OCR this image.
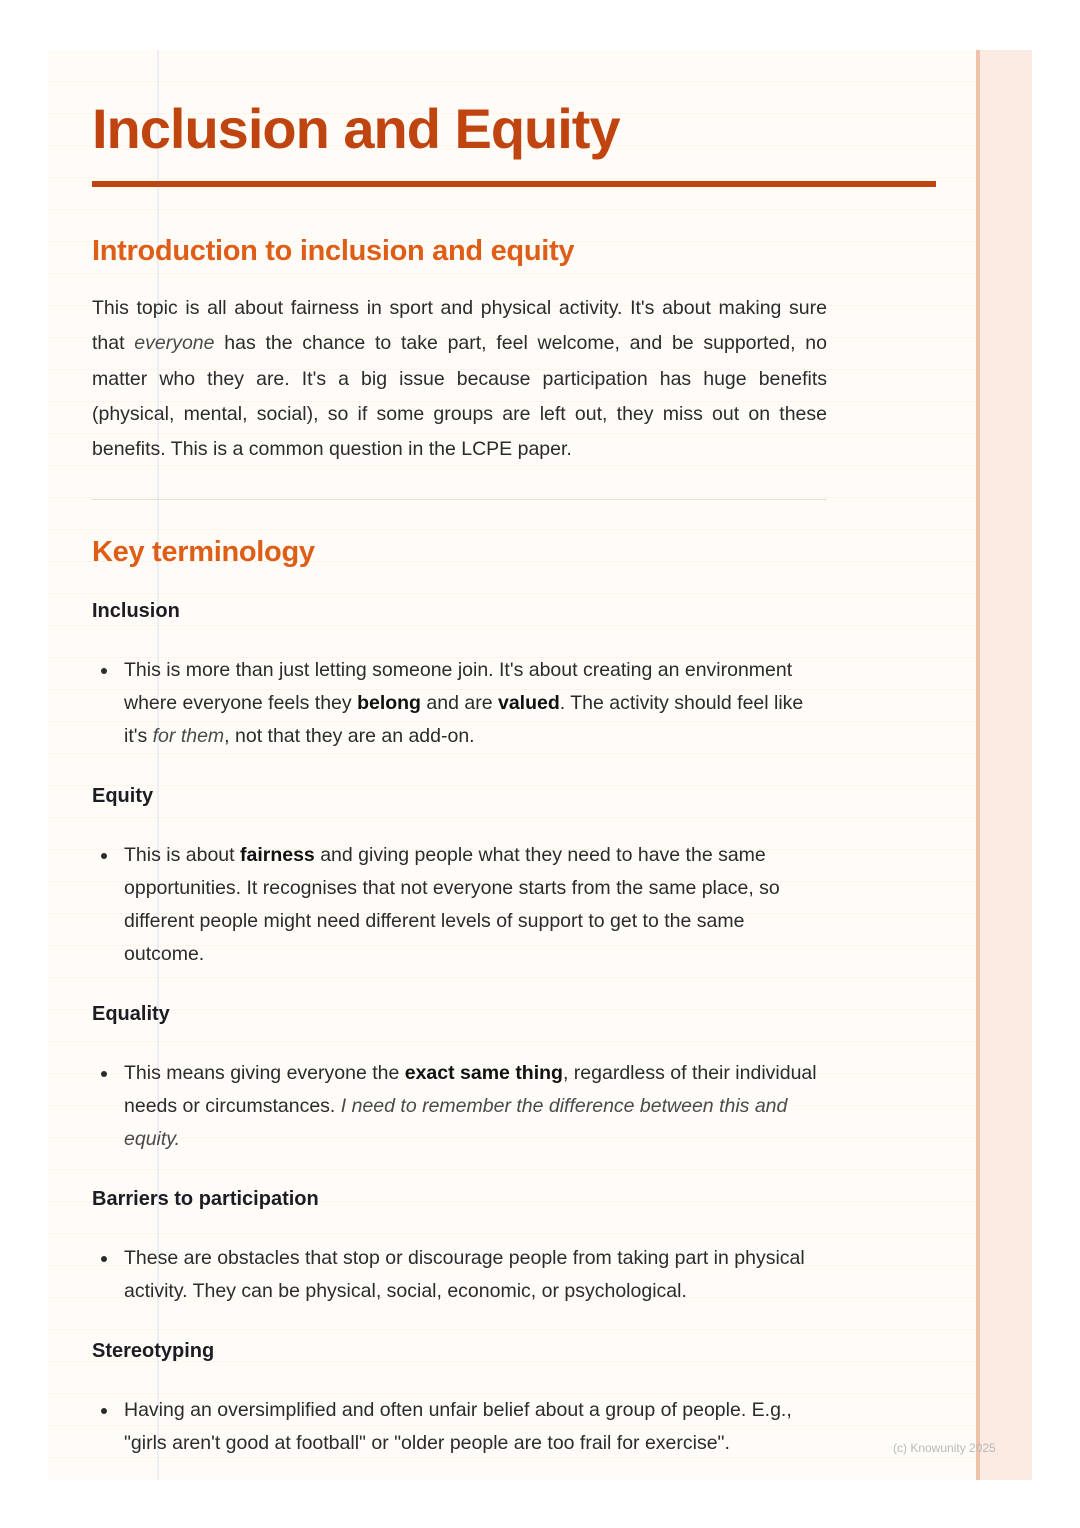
Inclusion and Equity
Introduction to inclusion and equity

This topic is all about fairness in sport and physical activity. It's about making sure that everyone has the chance to take part, feel welcome, and be supported, no matter who they are. It's a big issue because participation has huge benefits (physical, mental, social), so if some groups are left out, they miss out on these benefits. This is a common question in the LCPE paper.

Key terminology
Inclusion
This is more than just letting someone join. It's about creating an environment where everyone feels they belong and are valued. The activity should feel like it's for them, not that they are an add-on.
Equity
This is about fairness and giving people what they need to have the same opportunities. It recognises that not everyone starts from the same place, so different people might need different levels of support to get to the same outcome.
Equality
This means giving everyone the exact same thing, regardless of their individual needs or circumstances. I need to remember the difference between this and equity.
Barriers to participation
These are obstacles that stop or discourage people from taking part in physical activity. They can be physical, social, economic, or psychological.
Stereotyping
Having an oversimplified and often unfair belief about a group of people. E.g., "girls aren't good at football" or "older people are too frail for exercise".	(c) Knowunity 2025
